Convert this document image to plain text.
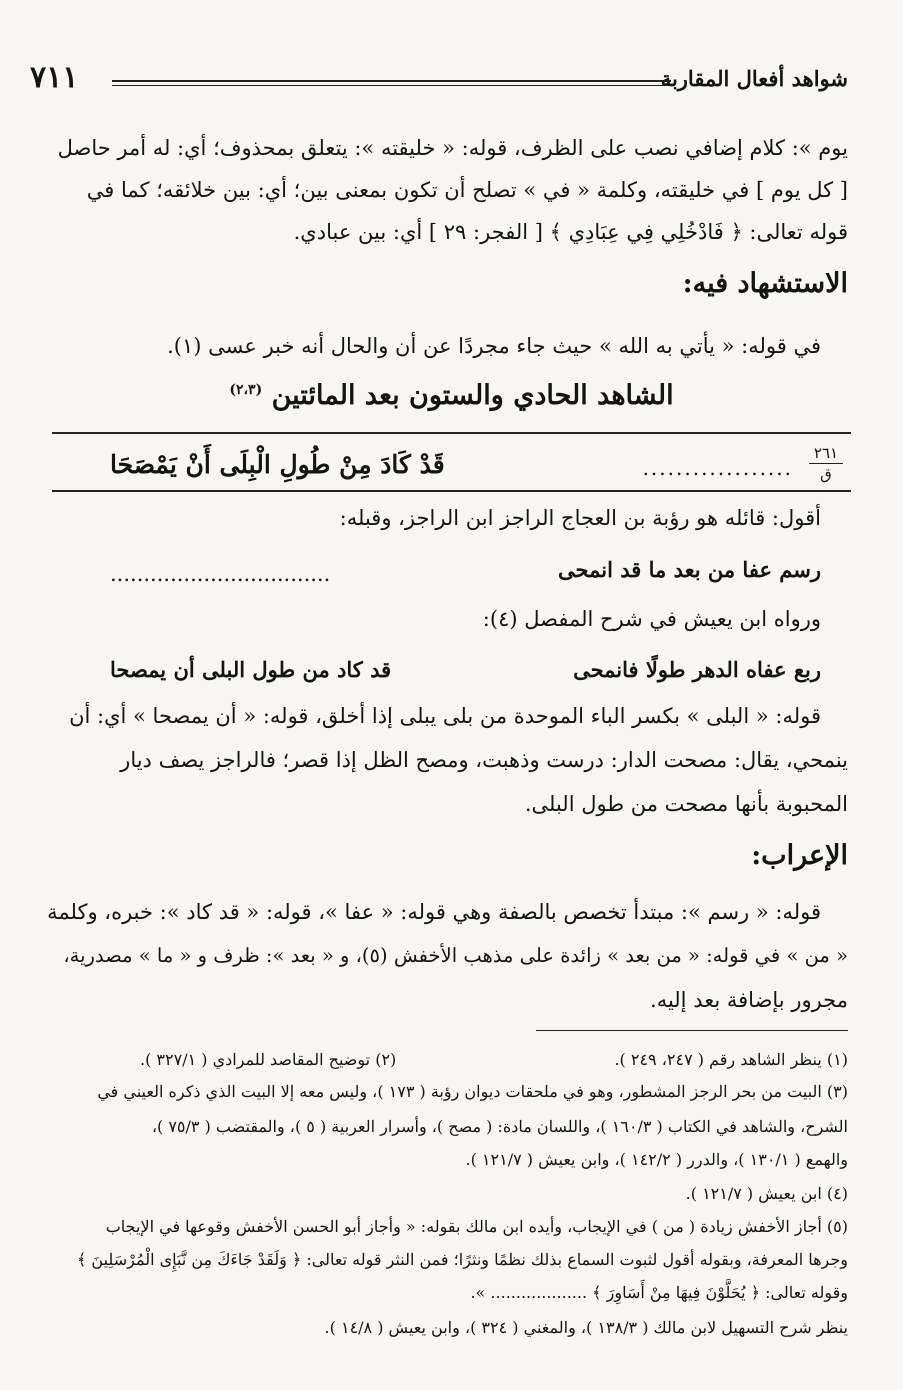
شواهد أفعال المقاربة
٧١١
يوم »: كلام إضافي نصب على الظرف، قوله: « خليقته »: يتعلق بمحذوف؛ أي: له أمر حاصل
[ كل يوم ] في خليقته، وكلمة « في » تصلح أن تكون بمعنى بين؛ أي: بين خلائقه؛ كما في
قوله تعالى: ﴿ فَادْخُلِي فِي عِبَادِي ﴾ [ الفجر: ٢٩ ] أي: بين عبادي.
الاستشهاد فيه:
في قوله: « يأتي به الله » حيث جاء مجردًا عن أن والحال أنه خبر عسى (١).
الشاهد الحادي والستون بعد المائتين $^{(٢،٣)}$
٢٦١
ق
..................
قَدْ كَادَ مِنْ طُولِ الْبِلَى أَنْ يَمْصَحَا
أقول: قائله هو رؤبة بن العجاج الراجز ابن الراجز، وقبله:
رسم عفا من بعد ما قد انمحى
.................................
ورواه ابن يعيش في شرح المفصل (٤):
ربع عفاه الدهر طولًا فانمحى
قد كاد من طول البلى أن يمصحا
قوله: « البلى » بكسر الباء الموحدة من بلى يبلى إذا أخلق، قوله: « أن يمصحا » أي: أن
ينمحي، يقال: مصحت الدار: درست وذهبت، ومصح الظل إذا قصر؛ فالراجز يصف ديار
المحبوبة بأنها مصحت من طول البلى.
الإعراب:
قوله: « رسم »: مبتدأ تخصص بالصفة وهي قوله: « عفا »، قوله: « قد كاد »: خبره، وكلمة
« من » في قوله: « من بعد » زائدة على مذهب الأخفش (٥)، و « بعد »: ظرف و « ما » مصدرية،
مجرور بإضافة بعد إليه.
(١) ينظر الشاهد رقم ( ٢٤٧، ٢٤٩ ).
(٢) توضيح المقاصد للمرادي ( ٣٢٧/١ ).
(٣) البيت من بحر الرجز المشطور، وهو في ملحقات ديوان رؤبة ( ١٧٣ )، وليس معه إلا البيت الذي ذكره العيني في
الشرح، والشاهد في الكتاب ( ١٦٠/٣ )، واللسان مادة: ( مصح )، وأسرار العربية ( ٥ )، والمقتضب ( ٧٥/٣ )،
والهمع ( ١٣٠/١ )، والدرر ( ١٤٢/٢ )، وابن يعيش ( ١٢١/٧ ).
(٤) ابن يعيش ( ١٢١/٧ ).
(٥) أجاز الأخفش زيادة ( من ) في الإيجاب، وأيده ابن مالك بقوله: « وأجاز أبو الحسن الأخفش وقوعها في الإيجاب
وجرها المعرفة، وبقوله أقول لثبوت السماع بذلك نظمًا ونثرًا؛ فمن النثر قوله تعالى: ﴿ وَلَقَدْ جَاءَكَ مِن نَّبَإِى الْمُرْسَلِينَ ﴾
وقوله تعالى: ﴿ يُحَلَّوْنَ فِيهَا مِنْ أَسَاوِرَ ﴾ ................... ».
ينظر شرح التسهيل لابن مالك ( ١٣٨/٣ )، والمغني ( ٣٢٤ )، وابن يعيش ( ١٤/٨ ).
